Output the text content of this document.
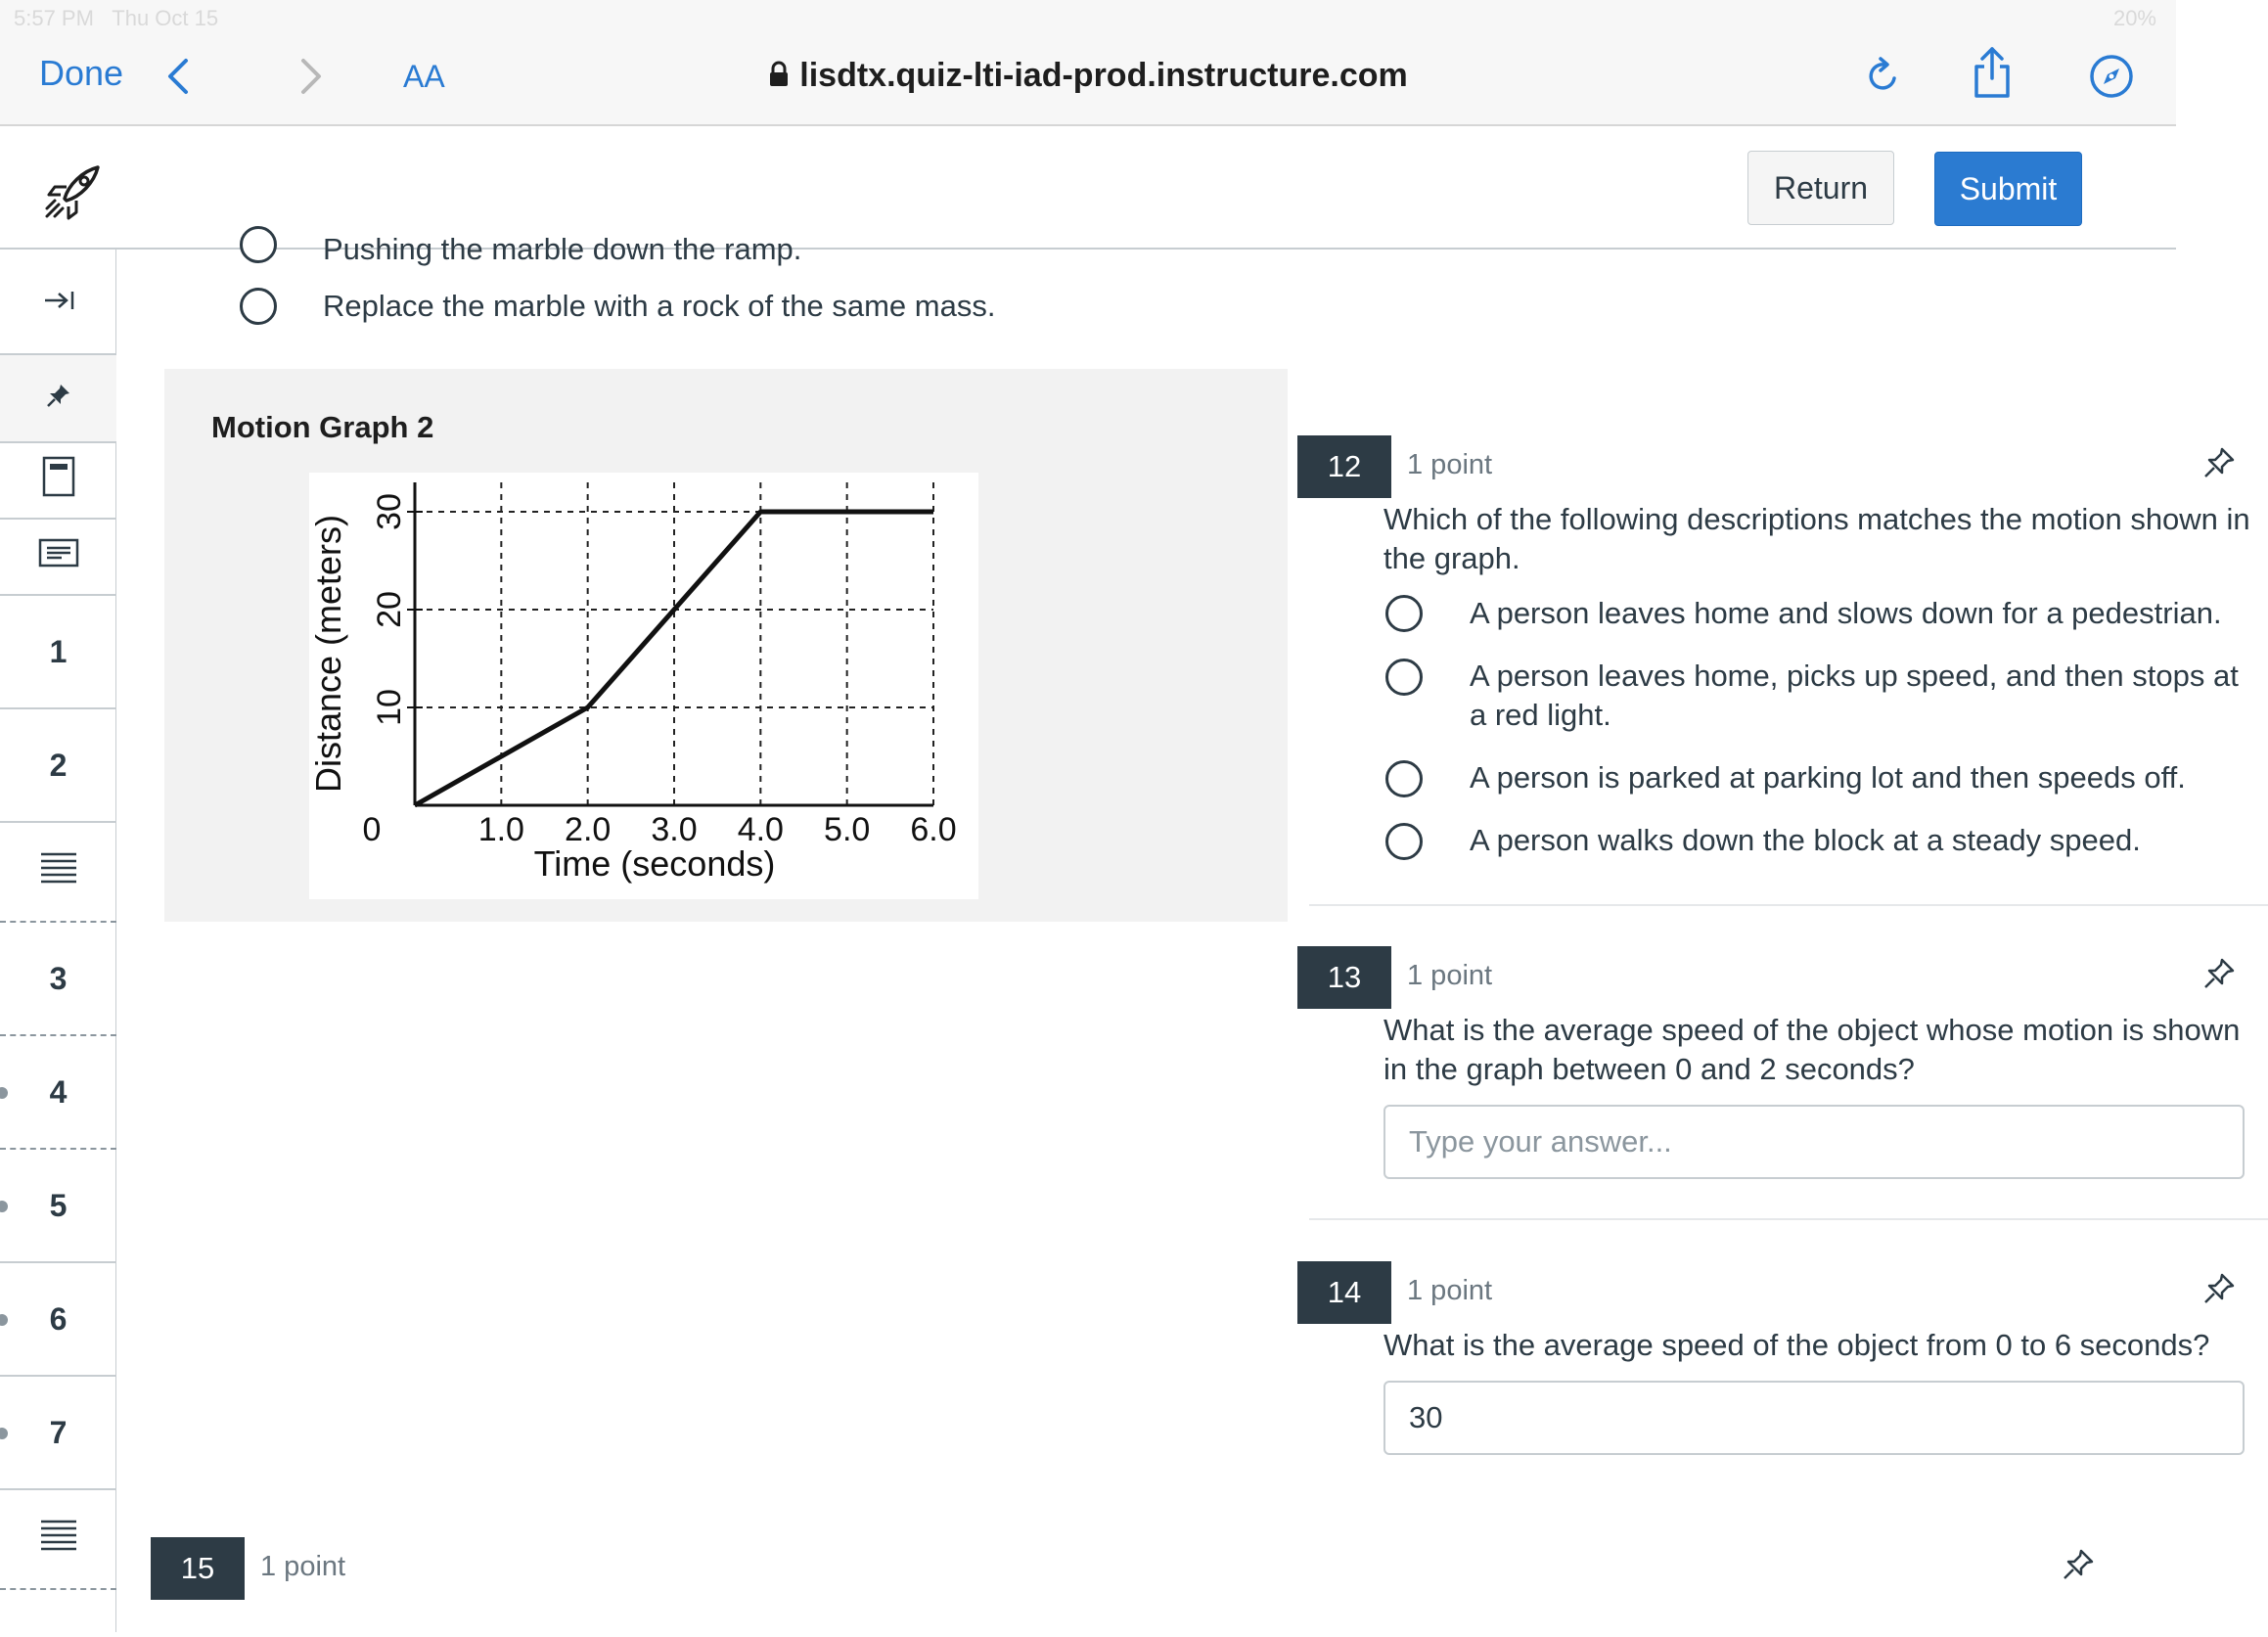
5:57 PM Thu Oct 15	20%
Done	AA	lisdtx.quiz-lti-iad-prod.instructure.com
Return	Submit
1
2
3
4
5
6
7
Pushing the marble down the ramp.
Replace the marble with a rock of the same mass.
Motion Graph 2
10
20
30
0	1.0 2.0 3.0 4.0 5.0 6.0
Time (seconds)
Distance (meters)
12	1 point
Which of the following descriptions matches the motion shown in the graph.
A person leaves home and slows down for a pedestrian.
A person leaves home, picks up speed, and then stops at a red light.
A person is parked at parking lot and then speeds off.
A person walks down the block at a steady speed.
13	1 point
What is the average speed of the object whose motion is shown in the graph between 0 and 2 seconds?
Type your answer...
14	1 point
What is the average speed of the object from 0 to 6 seconds?
30
15	1 point
